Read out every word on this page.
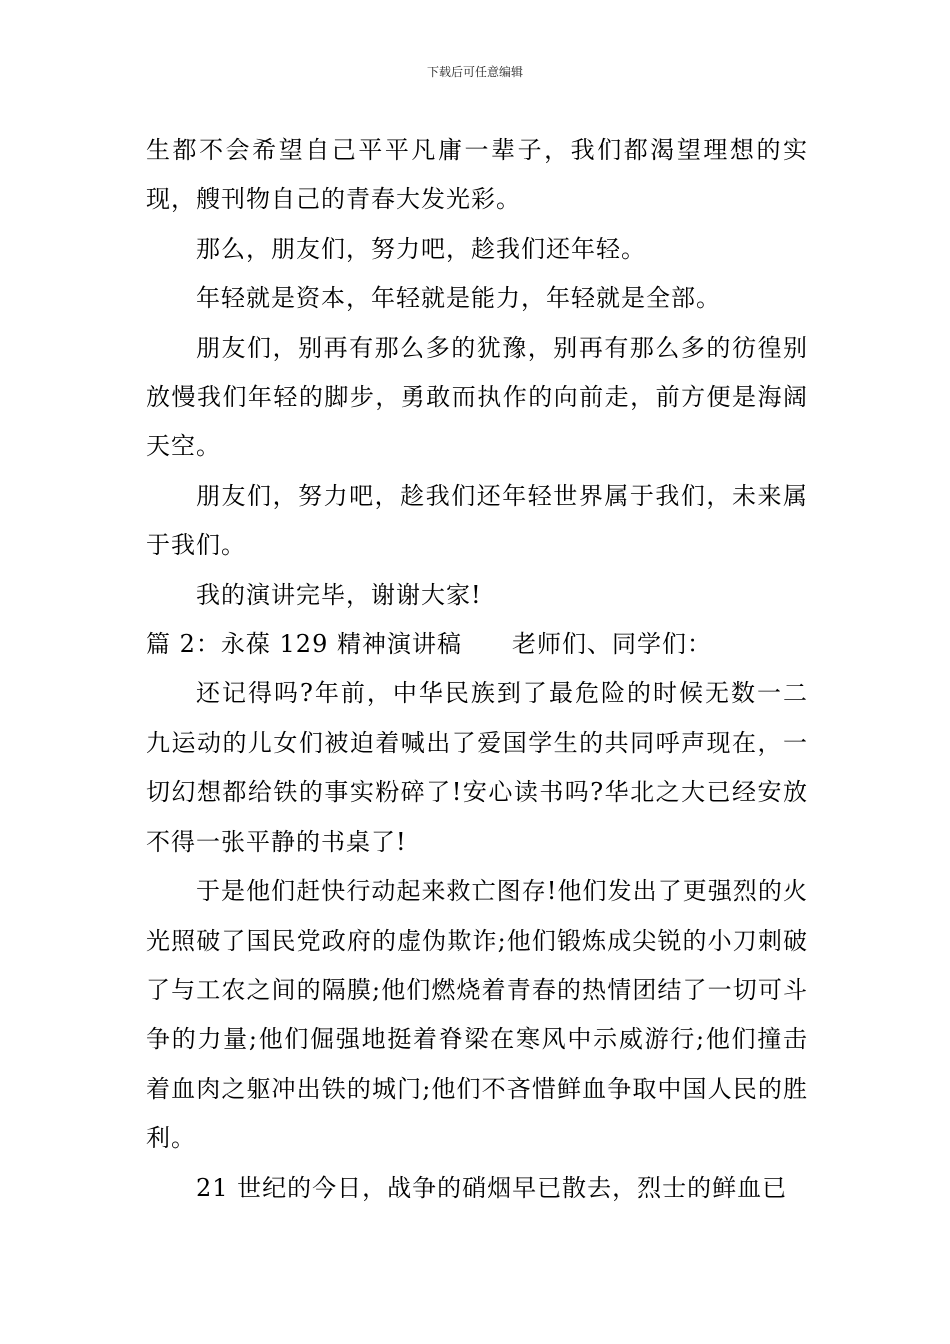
下载后可任意编辑

生都不会希望自己平平凡庸一辈子，我们都渴望理想的实现，艘刊物自己的青春大发光彩。

那么，朋友们，努力吧，趁我们还年轻。

年轻就是资本，年轻就是能力，年轻就是全部。

朋友们，别再有那么多的犹豫，别再有那么多的彷徨别放慢我们年轻的脚步，勇敢而执作的向前走，前方便是海阔天空。

朋友们，努力吧，趁我们还年轻世界属于我们，未来属于我们。

我的演讲完毕，谢谢大家!

篇 2：永葆 129 精神演讲稿 老师们、同学们：

还记得吗?年前，中华民族到了最危险的时候无数一二九运动的儿女们被迫着喊出了爱国学生的共同呼声现在，一切幻想都给铁的事实粉碎了!安心读书吗?华北之大已经安放不得一张平静的书桌了!

于是他们赶快行动起来救亡图存!他们发出了更强烈的火光照破了国民党政府的虚伪欺诈;他们锻炼成尖锐的小刀刺破了与工农之间的隔膜;他们燃烧着青春的热情团结了一切可斗争的力量;他们倔强地挺着脊梁在寒风中示威游行;他们撞击着血肉之躯冲出铁的城门;他们不吝惜鲜血争取中国人民的胜利。

21 世纪的今日，战争的硝烟早已散去，烈士的鲜血已
